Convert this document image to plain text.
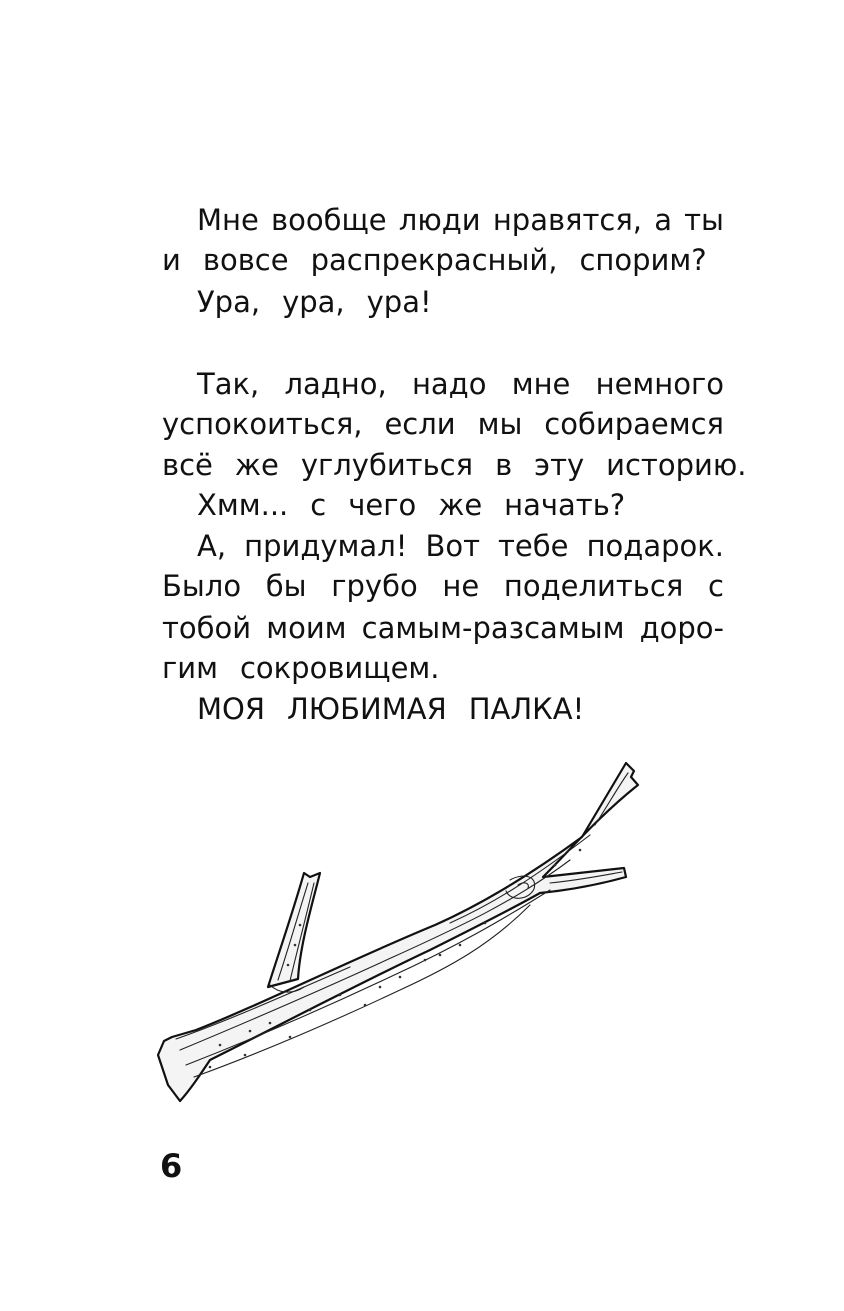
Мне вообще люди нравятся, а ты
и вовсе распрекрасный, спорим?
Ура, ура, ура!
Так, ладно, надо мне немного
успокоиться, если мы собираемся
всё же углубиться в эту историю.
Хмм... с чего же начать?
А, придумал! Вот тебе подарок.
Было бы грубо не поделиться с
тобой моим самым-разсамым доро-
гим сокровищем.
МОЯ ЛЮБИМАЯ ПАЛКА!
6
